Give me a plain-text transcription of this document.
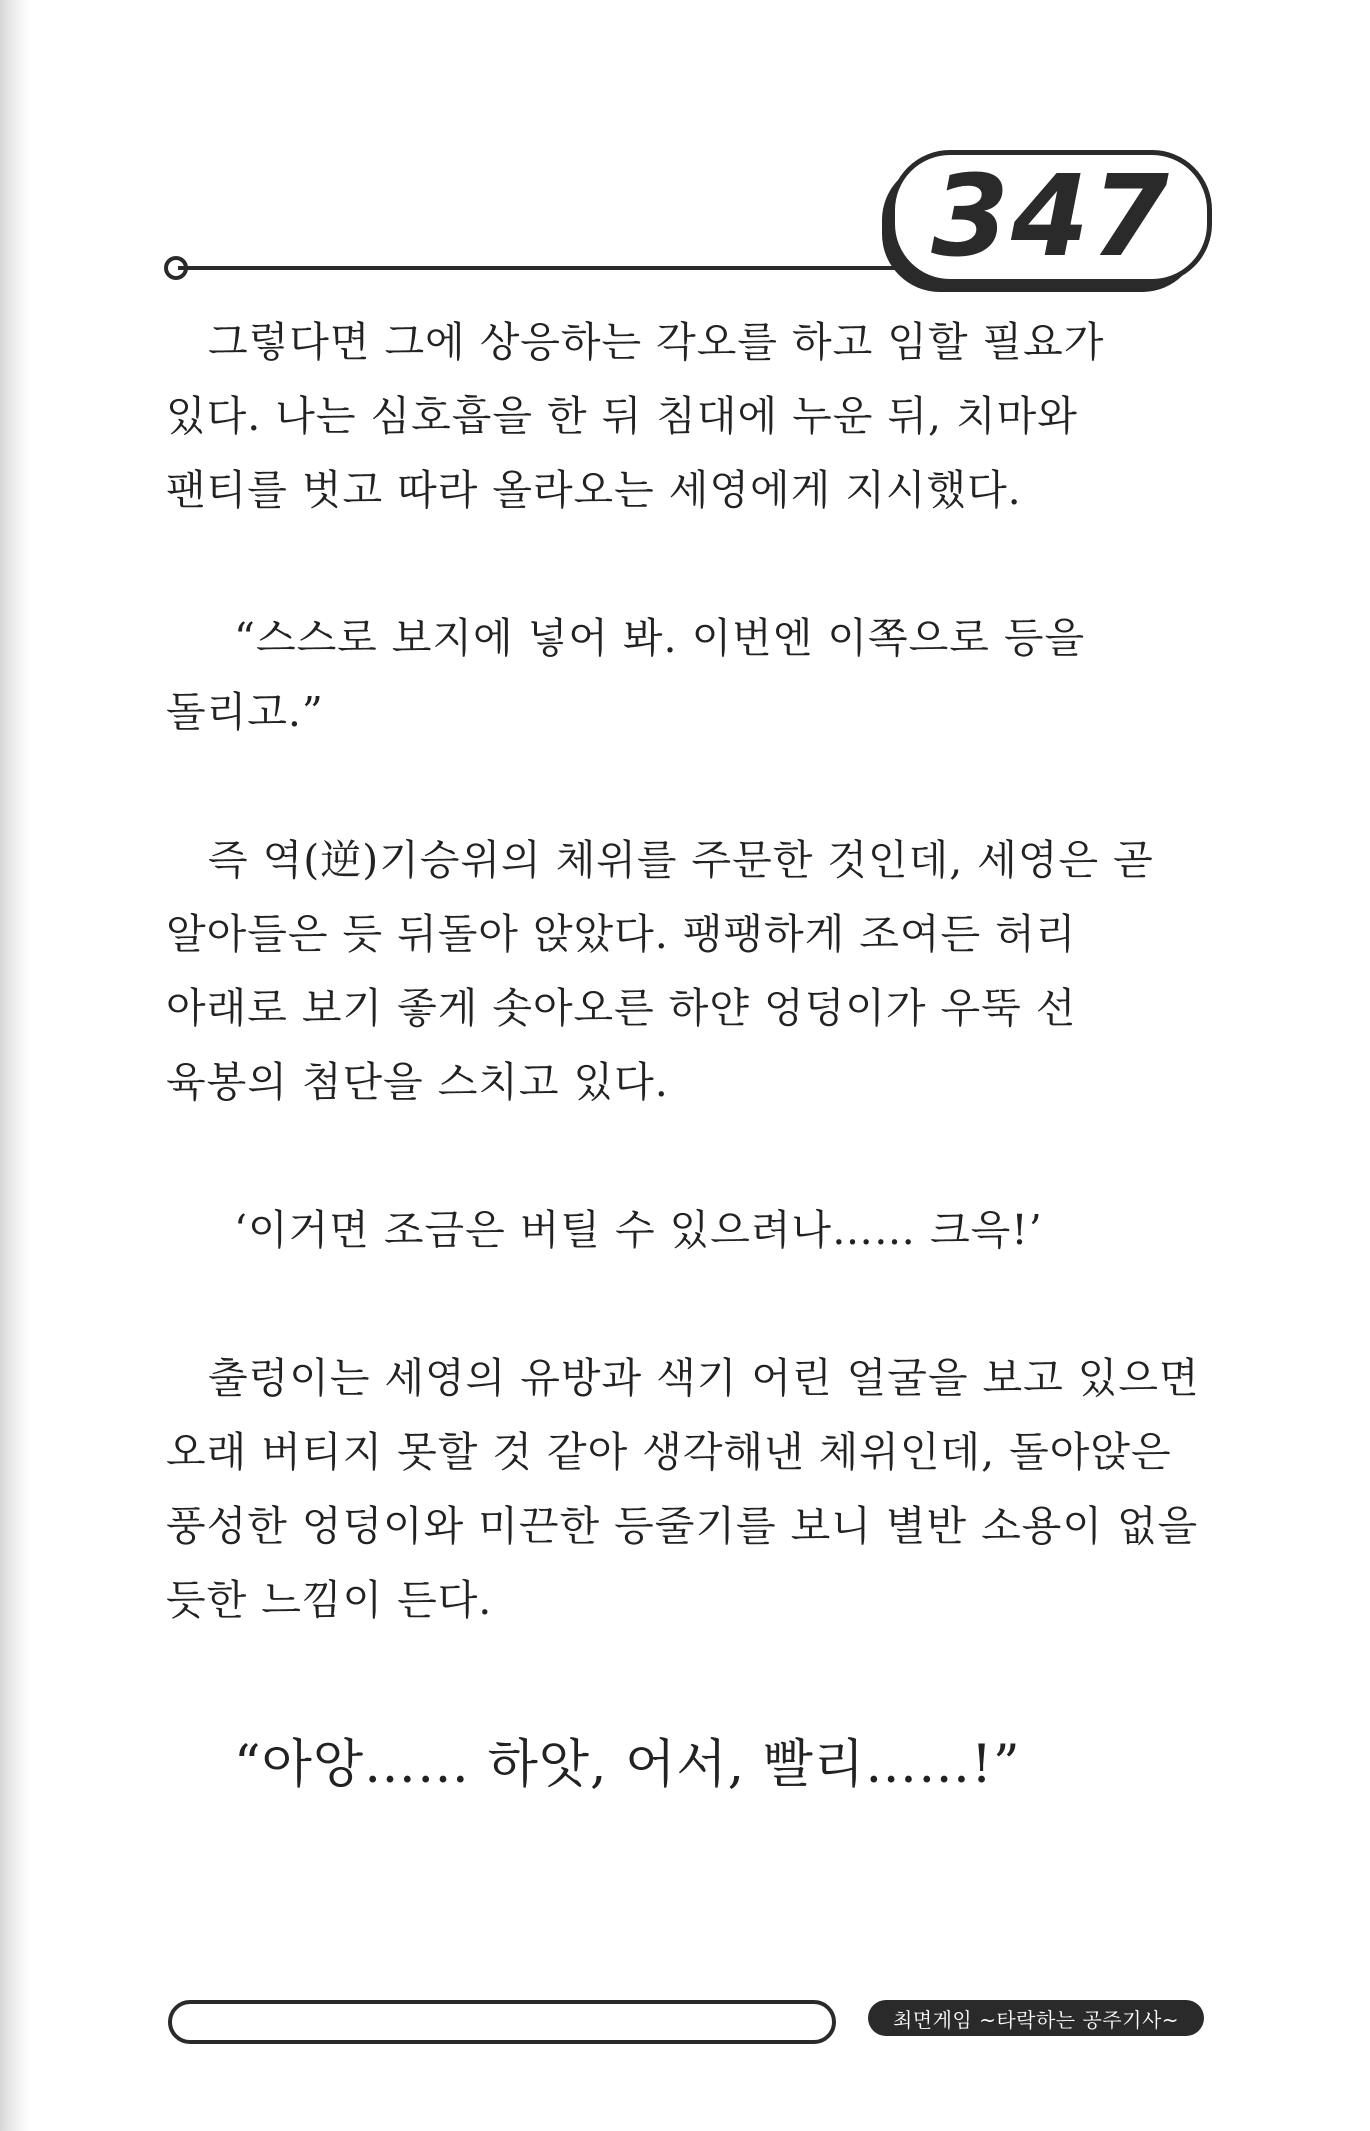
347

그렇다면 그에 상응하는 각오를 하고 임할 필요가 있다. 나는 심호흡을 한 뒤 침대에 누운 뒤, 치마와 팬티를 벗고 따라 올라오는 세영에게 지시했다.

“스스로 보지에 넣어 봐. 이번엔 이쪽으로 등을 돌리고.”

즉 역(逆)기승위의 체위를 주문한 것인데, 세영은 곧 알아들은 듯 뒤돌아 앉았다. 팽팽하게 조여든 허리 아래로 보기 좋게 솟아오른 하얀 엉덩이가 우뚝 선 육봉의 첨단을 스치고 있다.

‘이거면 조금은 버틸 수 있으려나…… 크윽!’

출렁이는 세영의 유방과 색기 어린 얼굴을 보고 있으면 오래 버티지 못할 것 같아 생각해낸 체위인데, 돌아앉은 풍성한 엉덩이와 미끈한 등줄기를 보니 별반 소용이 없을 듯한 느낌이 든다.

“아앙…… 하앗, 어서, 빨리……!”

최면게임 ~타락하는 공주기사~
